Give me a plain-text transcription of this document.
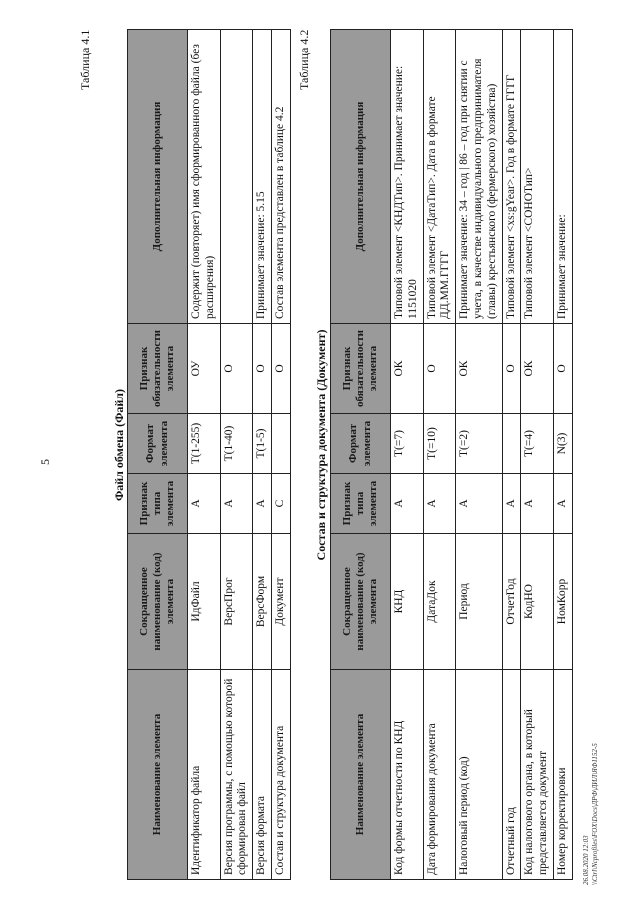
5
Таблица 4.1
Файл обмена (Файл)
Наименование элемента	Сокращенное наименование (код) элемента	Признак типа элемента	Формат элемента	Признак обязательности элемента	Дополнительная информация
Идентификатор файла	ИдФайл	А	Т(1-255)	ОУ	Содержит (повторяет) имя сформированного файла (без расширения)
Версия программы, с помощью которой сформирован файл	ВерсПрог	А	Т(1-40)	О	
Версия формата	ВерсФорм	А	Т(1-5)	О	Принимает значение: 5.15
Состав и структура документа	Документ	С		О	Состав элемента представлен в таблице 4.2
Таблица 4.2
Состав и структура документа (Документ)
Наименование элемента	Сокращенное наименование (код) элемента	Признак типа элемента	Формат элемента	Признак обязательности элемента	Дополнительная информация
Код формы отчетности по КНД	КНД	А	Т(=7)	ОК	Типовой элемент <КНДТип>. Принимает значение: 1151020
Дата формирования документа	ДатаДок	А	Т(=10)	О	Типовой элемент <ДатаТип>. Дата в формате ДД.ММ.ГГГГ
Налоговый период (код)	Период	А	Т(=2)	ОК	Принимает значение: 34 – год | 86 – год при снятии с учета, в качестве индивидуального предпринимателя (главы) крестьянского (фермерского) хозяйства)
Отчетный год	ОтчетГод	А		О	Типовой элемент <xs:gYear>. Год в формате ГГГГ
Код налогового органа, в который представляется документ	КодНО	А	Т(=4)	ОК	Типовой элемент <СОНОТип>
Номер корректировки	НомКорр	А	N(3)	О	Принимает значение:
26.08.2020 12:03 \\Ctrl\Ncprofiles\FOX\Docs\ДРФ\ДИЛ\ЯФ1152-5
